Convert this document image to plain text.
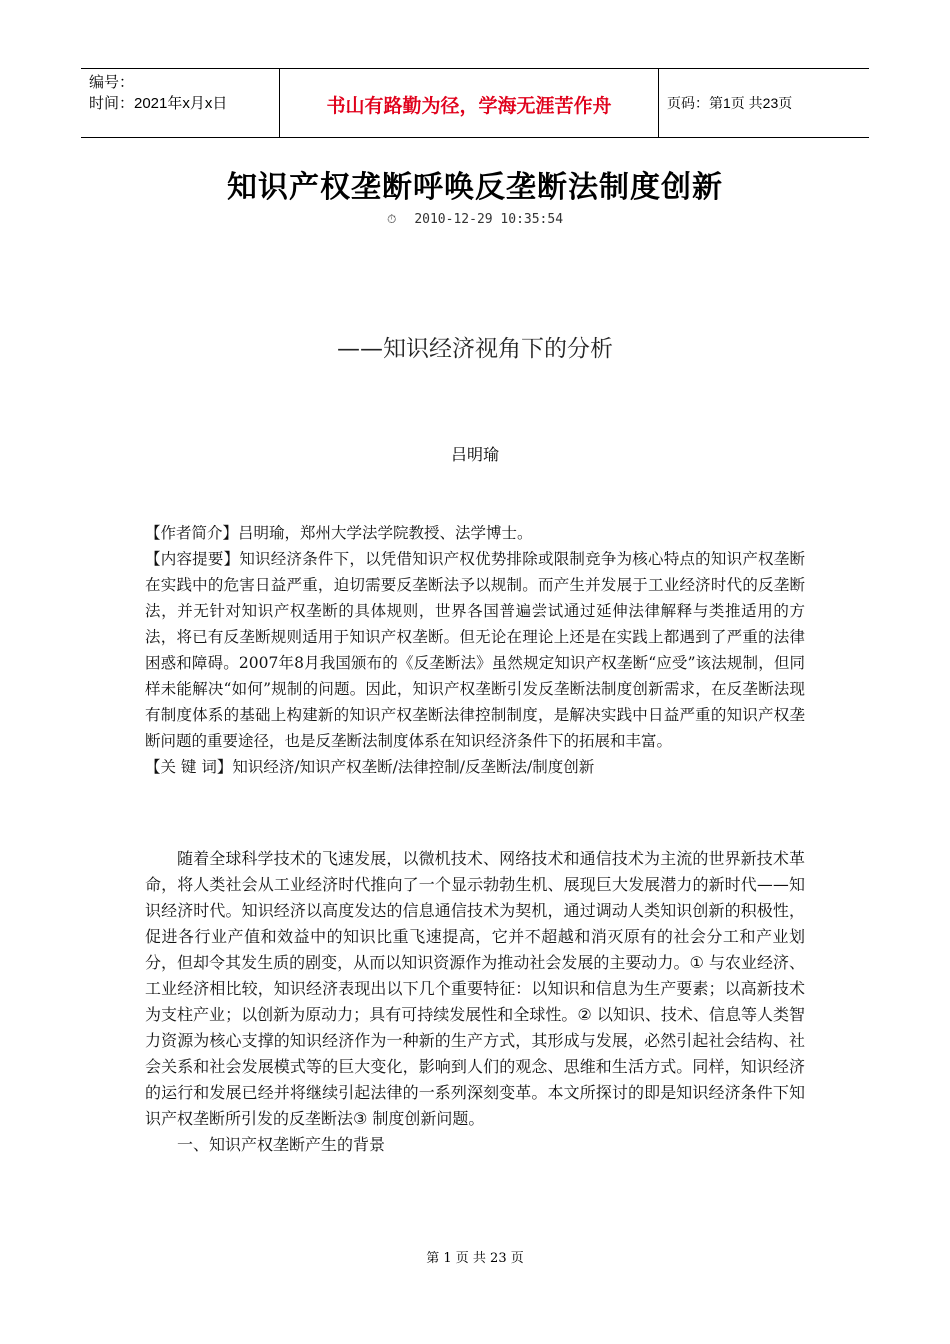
编号：
时间：2021年x月x日	书山有路勤为径，学海无涯苦作舟	页码：第1页 共23页
知识产权垄断呼唤反垄断法制度创新
⏱ 2010-12-29 10:35:54
——知识经济视角下的分析
吕明瑜

【作者简介】吕明瑜，郑州大学法学院教授、法学博士。

【内容提要】知识经济条件下，以凭借知识产权优势排除或限制竞争为核心特点的知识产权垄断在实践中的危害日益严重，迫切需要反垄断法予以规制。而产生并发展于工业经济时代的反垄断法，并无针对知识产权垄断的具体规则，世界各国普遍尝试通过延伸法律解释与类推适用的方法，将已有反垄断规则适用于知识产权垄断。但无论在理论上还是在实践上都遇到了严重的法律困惑和障碍。2007年8月我国颁布的《反垄断法》虽然规定知识产权垄断“应受”该法规制，但同样未能解决“如何”规制的问题。因此，知识产权垄断引发反垄断法制度创新需求，在反垄断法现有制度体系的基础上构建新的知识产权垄断法律控制制度，是解决实践中日益严重的知识产权垄断问题的重要途径，也是反垄断法制度体系在知识经济条件下的拓展和丰富。

【关 键 词】知识经济/知识产权垄断/法律控制/反垄断法/制度创新

随着全球科学技术的飞速发展，以微机技术、网络技术和通信技术为主流的世界新技术革命，将人类社会从工业经济时代推向了一个显示勃勃生机、展现巨大发展潜力的新时代——知识经济时代。知识经济以高度发达的信息通信技术为契机，通过调动人类知识创新的积极性，促进各行业产值和效益中的知识比重飞速提高，它并不超越和消灭原有的社会分工和产业划分，但却令其发生质的剧变，从而以知识资源作为推动社会发展的主要动力。① 与农业经济、工业经济相比较，知识经济表现出以下几个重要特征：以知识和信息为生产要素；以高新技术为支柱产业；以创新为原动力；具有可持续发展性和全球性。② 以知识、技术、信息等人类智力资源为核心支撑的知识经济作为一种新的生产方式，其形成与发展，必然引起社会结构、社会关系和社会发展模式等的巨大变化，影响到人们的观念、思维和生活方式。同样，知识经济的运行和发展已经并将继续引起法律的一系列深刻变革。本文所探讨的即是知识经济条件下知识产权垄断所引发的反垄断法③ 制度创新问题。

一、知识产权垄断产生的背景

第 1 页 共 23 页
